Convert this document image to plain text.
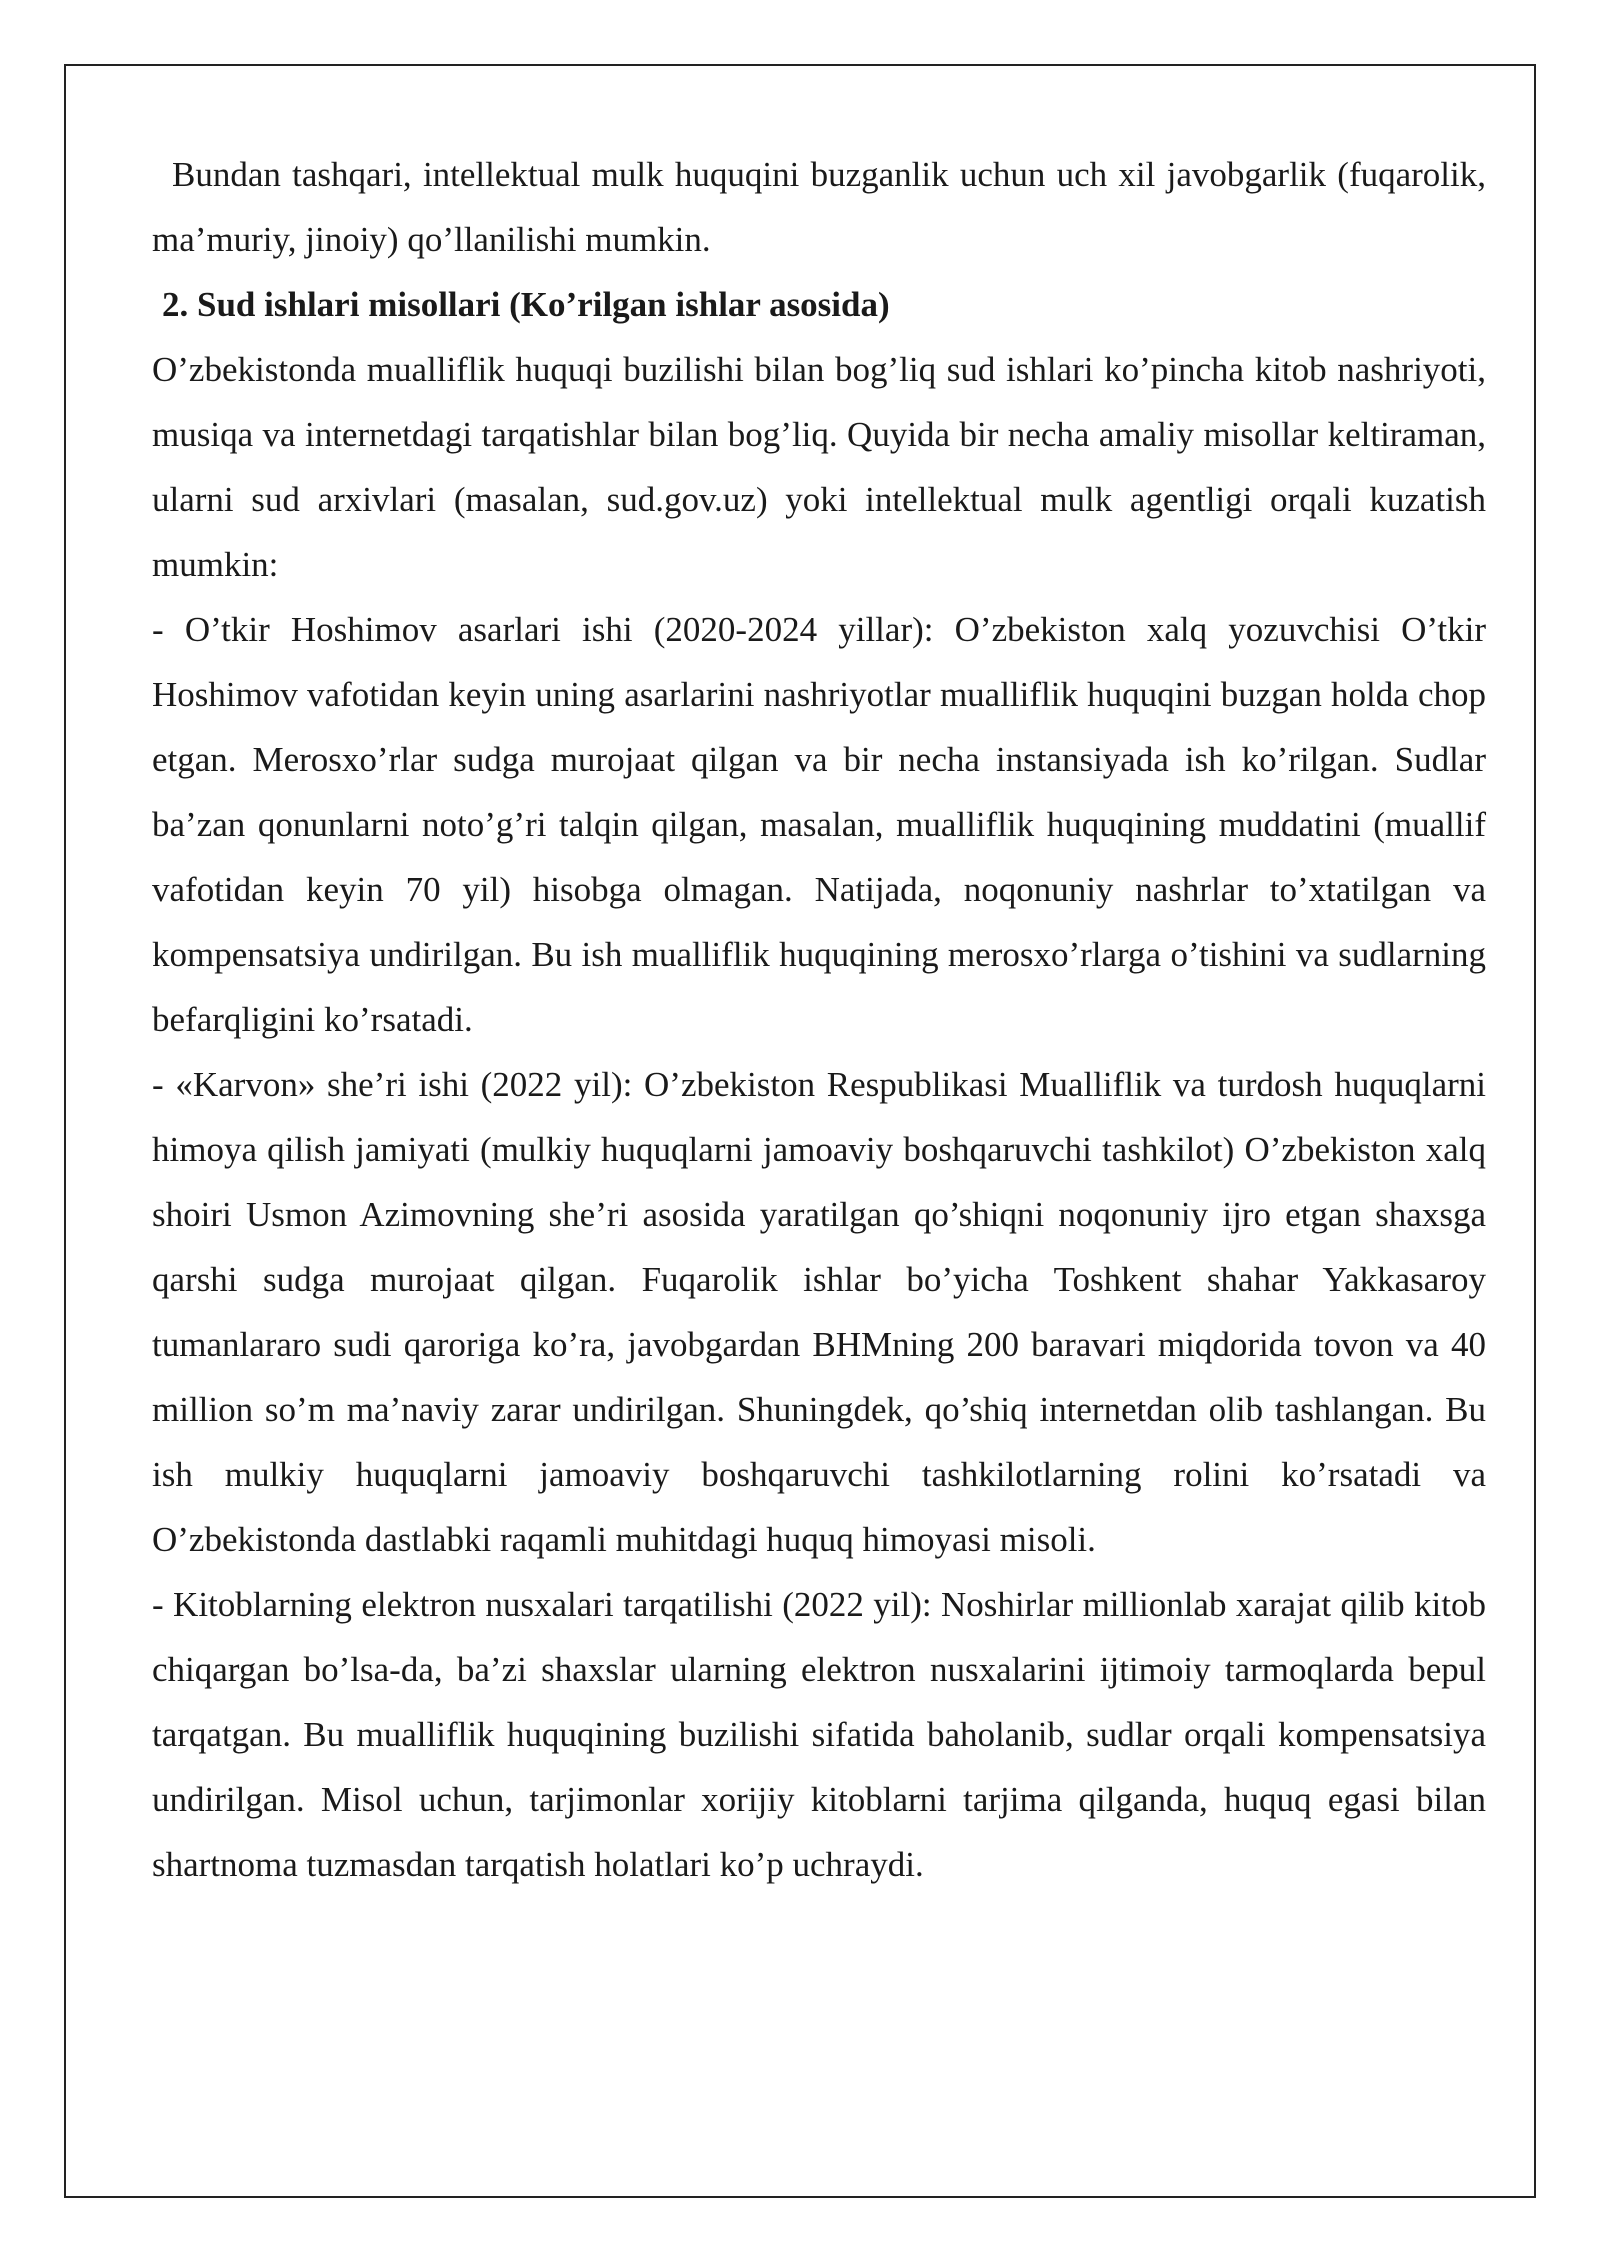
Bundan tashqari, intellektual mulk huquqini buzganlik uchun uch xil javobgarlik (fuqarolik, ma’muriy, jinoiy) qo’llanilishi mumkin.

2. Sud ishlari misollari (Ko’rilgan ishlar asosida)

O’zbekistonda mualliflik huquqi buzilishi bilan bog’liq sud ishlari ko’pincha kitob nashriyoti, musiqa va internetdagi tarqatishlar bilan bog’liq. Quyida bir necha amaliy misollar keltiraman, ularni sud arxivlari (masalan, sud.gov.uz) yoki intellektual mulk agentligi orqali kuzatish mumkin:

- O’tkir Hoshimov asarlari ishi (2020-2024 yillar): O’zbekiston xalq yozuvchisi O’tkir Hoshimov vafotidan keyin uning asarlarini nashriyotlar mualliflik huquqini buzgan holda chop etgan. Merosxo’rlar sudga murojaat qilgan va bir necha instansiyada ish ko’rilgan. Sudlar ba’zan qonunlarni noto’g’ri talqin qilgan, masalan, mualliflik huquqining muddatini (muallif vafotidan keyin 70 yil) hisobga olmagan. Natijada, noqonuniy nashrlar to’xtatilgan va kompensatsiya undirilgan. Bu ish mualliflik huquqining merosxo’rlarga o’tishini va sudlarning befarqligini ko’rsatadi.

- «Karvon» she’ri ishi (2022 yil): O’zbekiston Respublikasi Mualliflik va turdosh huquqlarni himoya qilish jamiyati (mulkiy huquqlarni jamoaviy boshqaruvchi tashkilot) O’zbekiston xalq shoiri Usmon Azimovning she’ri asosida yaratilgan qo’shiqni noqonuniy ijro etgan shaxsga qarshi sudga murojaat qilgan. Fuqarolik ishlar bo’yicha Toshkent shahar Yakkasaroy tumanlararo sudi qaroriga ko’ra, javobgardan BHMning 200 baravari miqdorida tovon va 40 million so’m ma’naviy zarar undirilgan. Shuningdek, qo’shiq internetdan olib tashlangan. Bu ish mulkiy huquqlarni jamoaviy boshqaruvchi tashkilotlarning rolini ko’rsatadi va O’zbekistonda dastlabki raqamli muhitdagi huquq himoyasi misoli.

- Kitoblarning elektron nusxalari tarqatilishi (2022 yil): Noshirlar millionlab xarajat qilib kitob chiqargan bo’lsa-da, ba’zi shaxslar ularning elektron nusxalarini ijtimoiy tarmoqlarda bepul tarqatgan. Bu mualliflik huquqining buzilishi sifatida baholanib, sudlar orqali kompensatsiya undirilgan. Misol uchun, tarjimonlar xorijiy kitoblarni tarjima qilganda, huquq egasi bilan shartnoma tuzmasdan tarqatish holatlari ko’p uchraydi.
